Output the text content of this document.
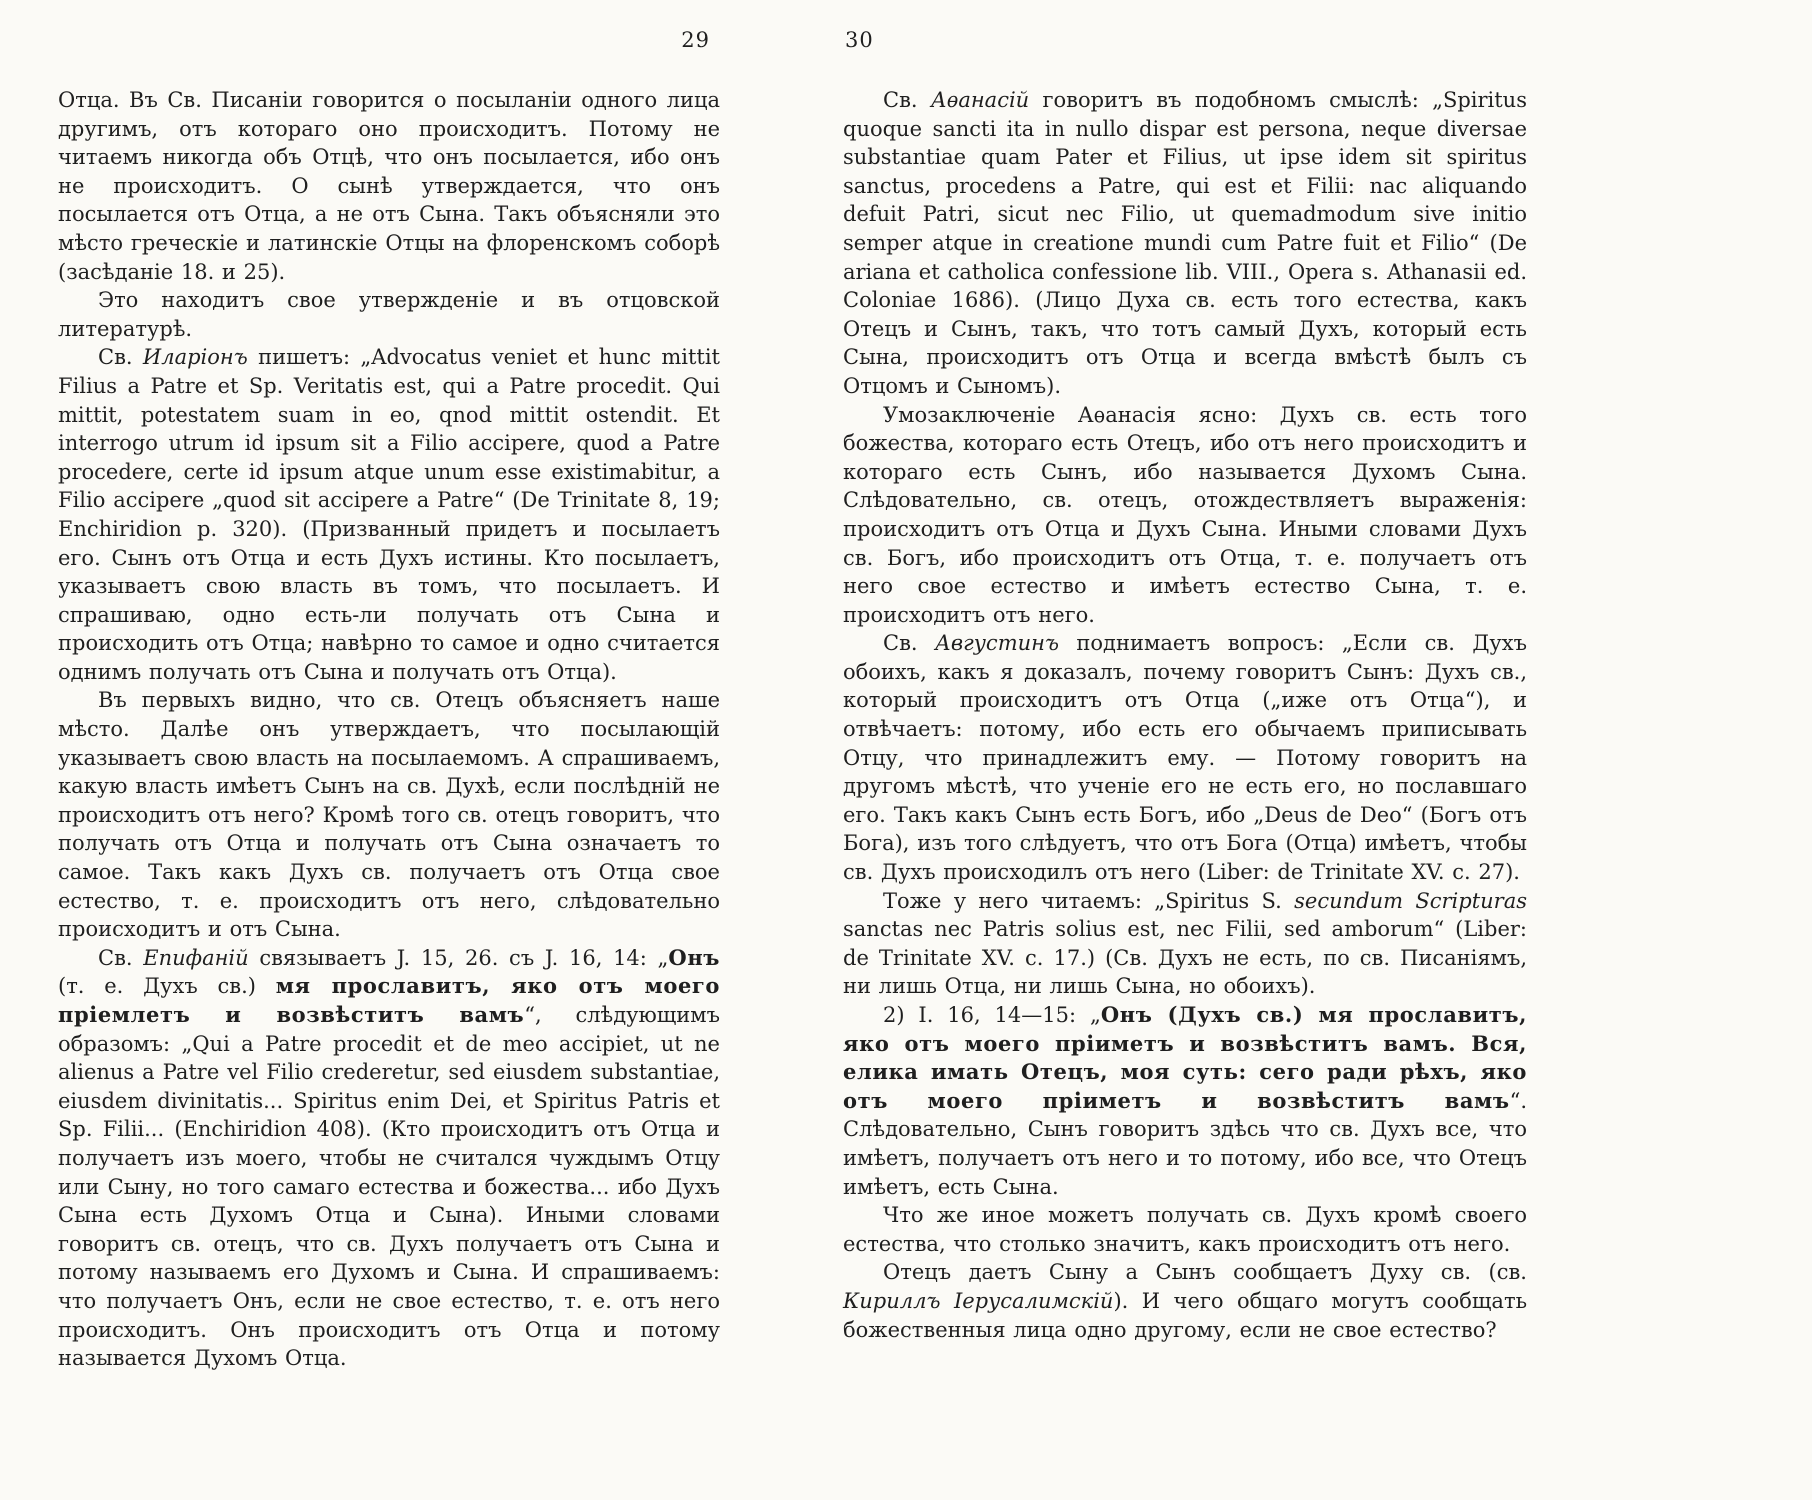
29

Отца. Въ Св. Писаніи говорится о посыланіи одного лица другимъ, отъ котораго оно происходитъ. Потому не читаемъ никогда объ Отцѣ, что онъ посылается, ибо онъ не происходитъ. О сынѣ утверждается, что онъ посылается отъ Отца, а не отъ Сына. Такъ объясняли это мѣсто греческіе и латинскіе Отцы на флоренскомъ соборѣ (засѣданіе 18. и 25).

Это находитъ свое утвержденіе и въ отцовской литературѣ.

Св. Иларіонъ пишетъ: „Advocatus veniet et hunc mittit Filius a Patre et Sp. Veritatis est, qui a Patre procedit. Qui mittit, potestatem suam in eo, qnod mittit ostendit. Et interrogo utrum id ipsum sit a Filio accipere, quod a Patre procedere, certe id ipsum atque unum esse existimabitur, a Filio accipere „quod sit accipere a Patre“ (De Trinitate 8, 19; Enchiridion p. 320). (Призванный придетъ и посылаетъ его. Сынъ отъ Отца и есть Духъ истины. Кто посылаетъ, указываетъ свою власть въ томъ, что посылаетъ. И спрашиваю, одно есть-ли получать отъ Сына и происходить отъ Отца; навѣрно то самое и одно считается однимъ получать отъ Сына и получать отъ Отца).

Въ первыхъ видно, что св. Отецъ объясняетъ наше мѣсто. Далѣе онъ утверждаетъ, что посылающій указываетъ свою власть на посылаемомъ. А спрашиваемъ, какую власть имѣетъ Сынъ на св. Духѣ, если послѣдній не происходитъ отъ него? Кромѣ того св. отецъ говоритъ, что получать отъ Отца и получать отъ Сына означаетъ то самое. Такъ какъ Духъ св. получаетъ отъ Отца свое естество, т. е. происходитъ отъ него, слѣдовательно происходитъ и отъ Сына.

Св. Епифаній связываетъ J. 15, 26. съ J. 16, 14: „Онъ (т. е. Духъ св.) мя прославитъ, яко отъ моего пріемлетъ и возвѣститъ вамъ“, слѣдующимъ образомъ: „Qui a Patre procedit et de meo accipiet, ut ne alienus a Patre vel Filio crederetur, sed eiusdem substantiae, eiusdem divinitatis... Spiritus enim Dei, et Spiritus Patris et Sp. Filii... (Enchiridion 408). (Кто происходитъ отъ Отца и получаетъ изъ моего, чтобы не считался чуждымъ Отцу или Сыну, но того самаго естества и божества... ибо Духъ Сына есть Духомъ Отца и Сына). Иными словами говоритъ св. отецъ, что св. Духъ получаетъ отъ Сына и потому называемъ его Духомъ и Сына. И спрашиваемъ: что получаетъ Онъ, если не свое естество, т. е. отъ него происходитъ. Онъ происходитъ отъ Отца и потому называется Духомъ Отца.

30

Св. Аѳанасій говоритъ въ подобномъ смыслѣ: „Spiritus quoque sancti ita in nullo dispar est persona, neque diversae substantiae quam Pater et Filius, ut ipse idem sit spiritus sanctus, procedens a Patre, qui est et Filii: nac aliquando defuit Patri, sicut nec Filio, ut quemadmodum sive initio semper atque in creatione mundi cum Patre fuit et Filio“ (De ariana et catholica confessione lib. VIII., Opera s. Athanasii ed. Coloniae 1686). (Лицо Духа св. есть того естества, какъ Отецъ и Сынъ, такъ, что тотъ самый Духъ, который есть Сына, происходитъ отъ Отца и всегда вмѣстѣ былъ съ Отцомъ и Сыномъ).

Умозаключеніе Аѳанасія ясно: Духъ св. есть того божества, котораго есть Отецъ, ибо отъ него происходитъ и котораго есть Сынъ, ибо называется Духомъ Сына. Слѣдовательно, св. отецъ, отождествляетъ выраженія: происходитъ отъ Отца и Духъ Сына. Иными словами Духъ св. Богъ, ибо происходитъ отъ Отца, т. е. получаетъ отъ него свое естество и имѣетъ естество Сына, т. е. происходитъ отъ него.

Св. Августинъ поднимаетъ вопросъ: „Если св. Духъ обоихъ, какъ я доказалъ, почему говоритъ Сынъ: Духъ св., который происходитъ отъ Отца („иже отъ Отца“), и отвѣчаетъ: потому, ибо есть его обычаемъ приписывать Отцу, что принадлежитъ ему. — Потому говоритъ на другомъ мѣстѣ, что ученіе его не есть его, но пославшаго его. Такъ какъ Сынъ есть Богъ, ибо „Deus de Deo“ (Богъ отъ Бога), изъ того слѣдуетъ, что отъ Бога (Отца) имѣетъ, чтобы св. Духъ происходилъ отъ него (Liber: de Trinitate XV. c. 27).

Тоже у него читаемъ: „Spiritus S. secundum Scripturas sanctas nec Patris solius est, nec Filii, sed amborum“ (Liber: de Trinitate XV. c. 17.) (Св. Духъ не есть, по св. Писаніямъ, ни лишь Отца, ни лишь Сына, но обоихъ).

2) I. 16, 14—15: „Онъ (Духъ св.) мя прославитъ, яко отъ моего пріиметъ и возвѣститъ вамъ. Вся, елика имать Отецъ, моя суть: сего ради рѣхъ, яко отъ моего пріиметъ и возвѣститъ вамъ“. Слѣдовательно, Сынъ говоритъ здѣсь что св. Духъ все, что имѣетъ, получаетъ отъ него и то потому, ибо все, что Отецъ имѣетъ, есть Сына.

Что же иное можетъ получать св. Духъ кромѣ своего естества, что столько значитъ, какъ происходитъ отъ него.

Отецъ даетъ Сыну а Сынъ сообщаетъ Духу св. (св. Кириллъ Іерусалимскій). И чего общаго могутъ сообщать божественныя лица одно другому, если не свое естество?
